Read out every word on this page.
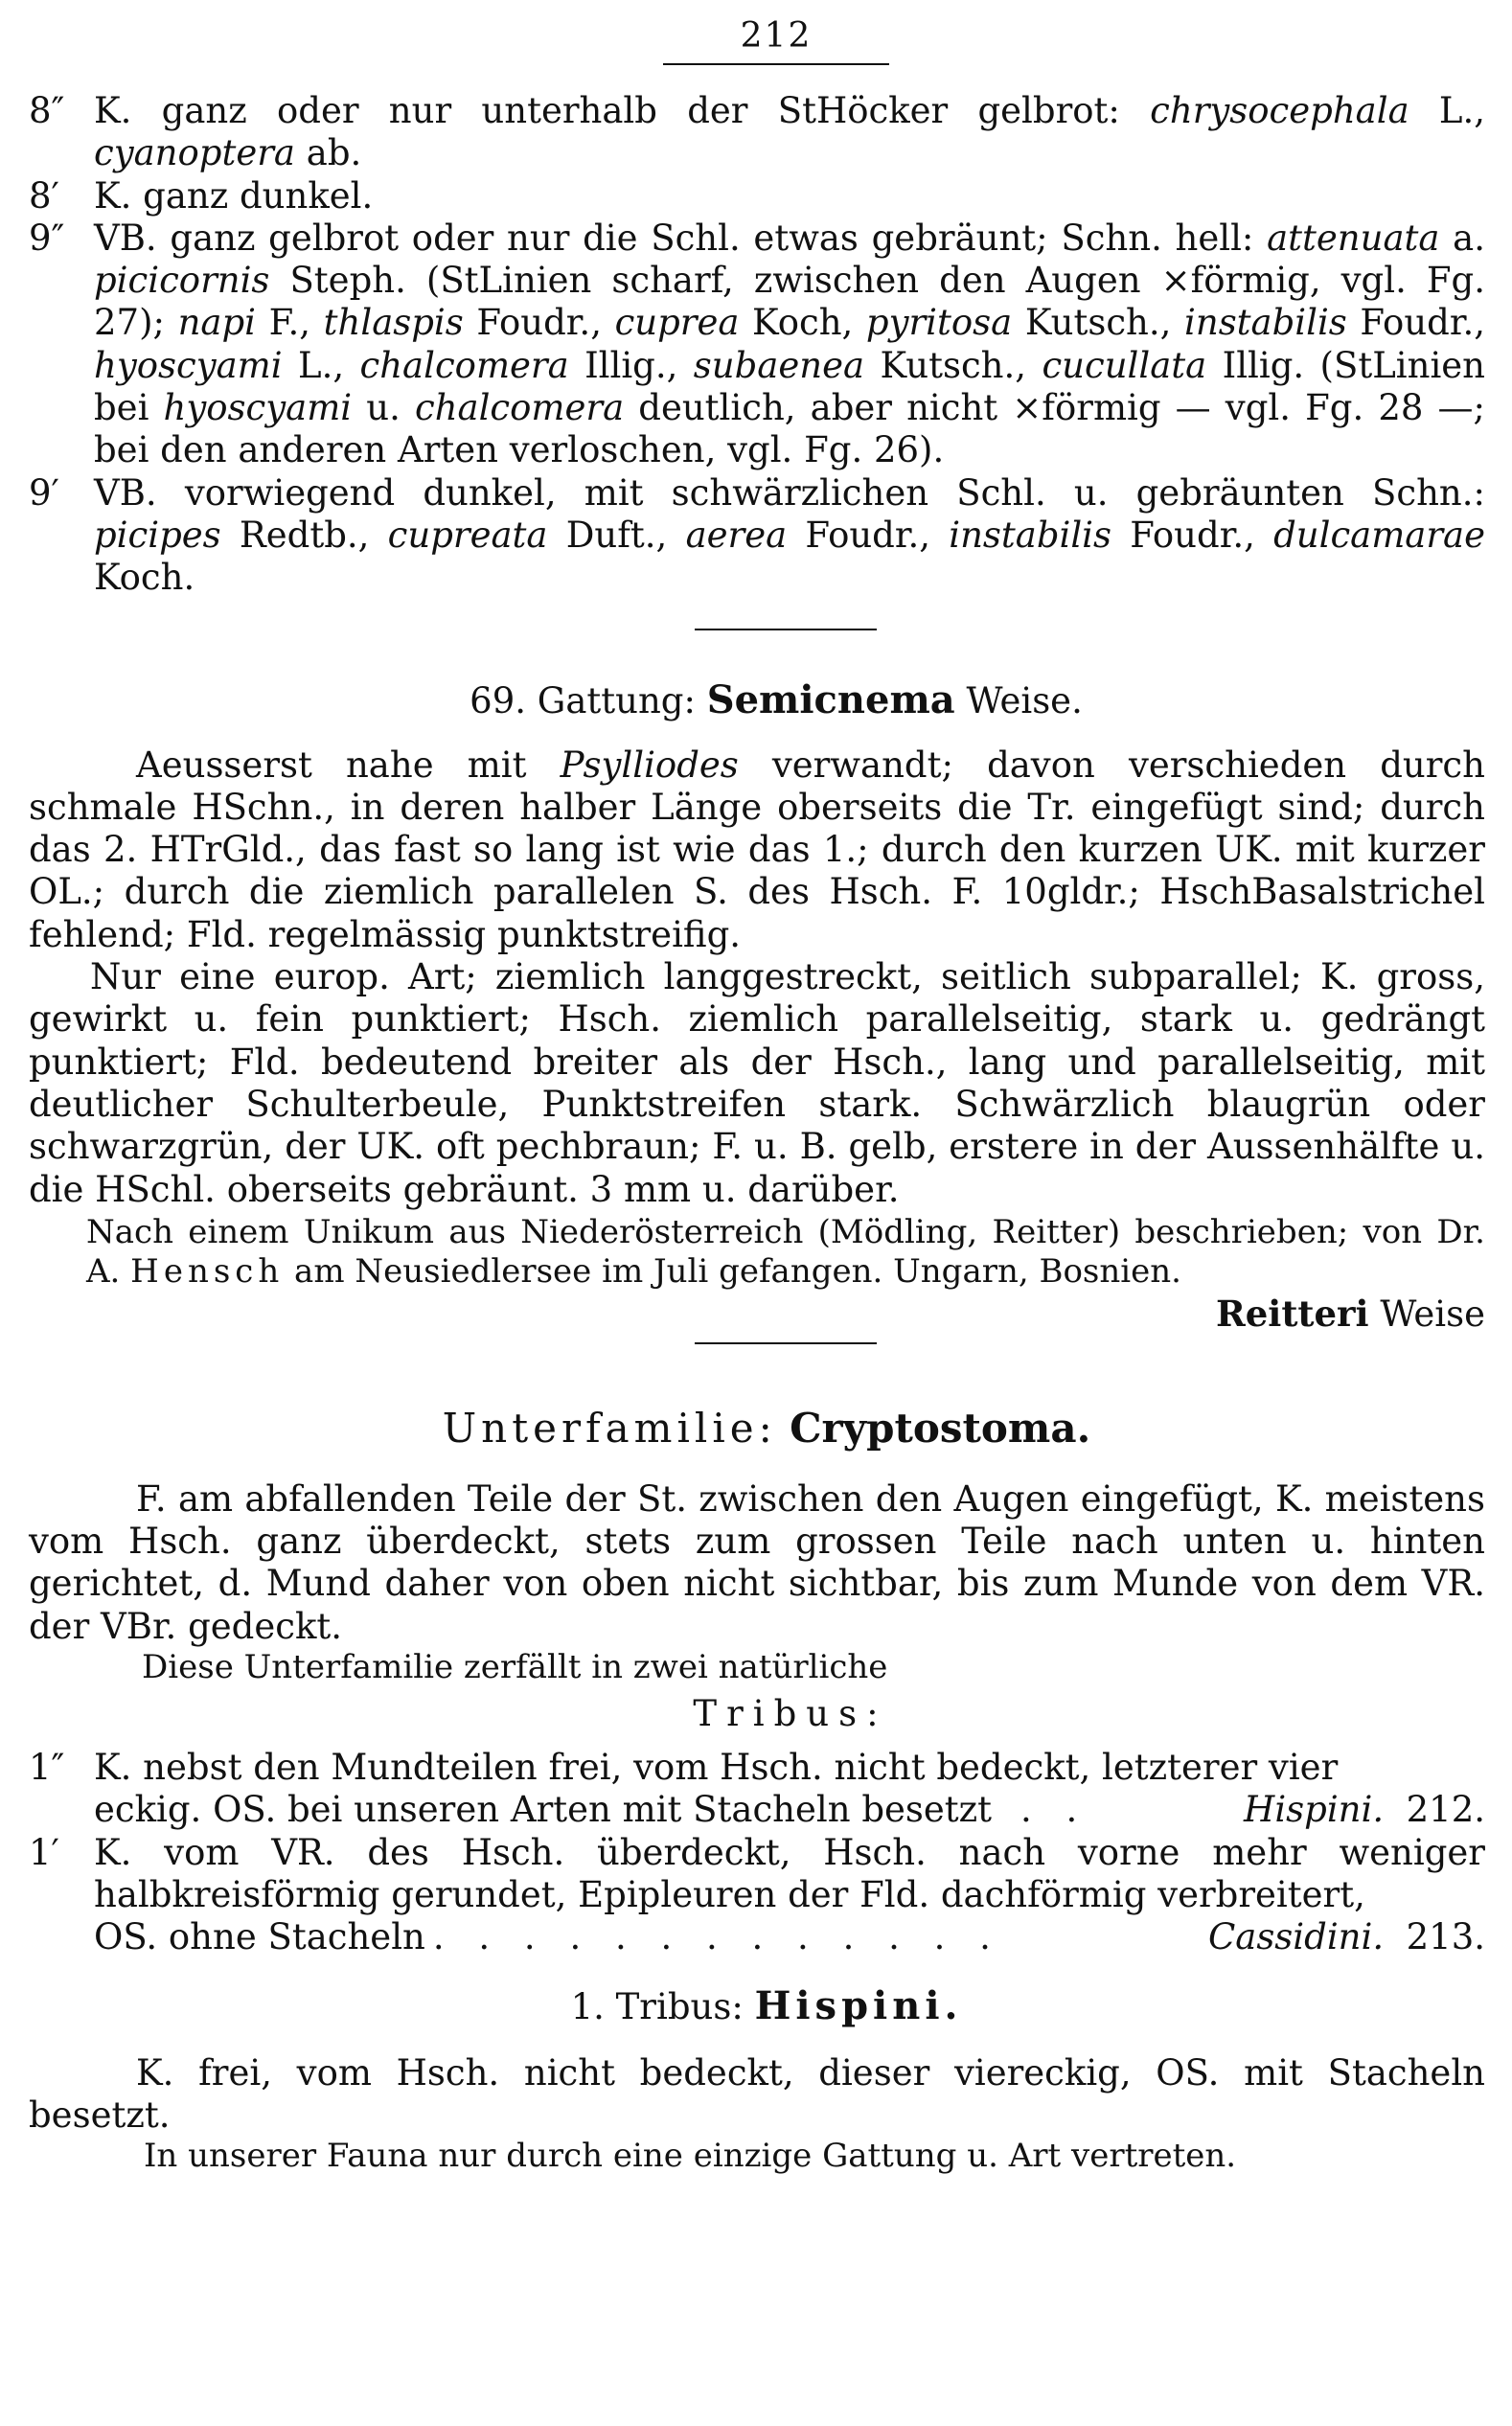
212

8″ K. ganz oder nur unterhalb der StHöcker gelbrot: chrysocephala L., cyanoptera ab.

8′ K. ganz dunkel.

9″ VB. ganz gelbrot oder nur die Schl. etwas gebräunt; Schn. hell: attenuata a. picicornis Steph. (StLinien scharf, zwischen den Augen ×förmig, vgl. Fg. 27); napi F., thlaspis Foudr., cuprea Koch, pyritosa Kutsch., instabilis Foudr., hyoscyami L., chalcomera Illig., subaenea Kutsch., cucullata Illig. (StLinien bei hyoscyami u. chalcomera deutlich, aber nicht ×förmig — vgl. Fg. 28 —; bei den anderen Arten verloschen, vgl. Fg. 26).

9′ VB. vorwiegend dunkel, mit schwärzlichen Schl. u. gebräunten Schn.: picipes Redtb., cupreata Duft., aerea Foudr., instabilis Foudr., dulcamarae Koch.

69. Gattung: Semicnema Weise.

Aeusserst nahe mit Psylliodes verwandt; davon verschieden durch schmale HSchn., in deren halber Länge oberseits die Tr. eingefügt sind; durch das 2. HTrGld., das fast so lang ist wie das 1.; durch den kurzen UK. mit kurzer OL.; durch die ziemlich parallelen S. des Hsch. F. 10gldr.; HschBasalstrichel fehlend; Fld. regelmässig punktstreifig.

Nur eine europ. Art; ziemlich langgestreckt, seitlich subparallel; K. gross, gewirkt u. fein punktiert; Hsch. ziemlich parallelseitig, stark u. gedrängt punktiert; Fld. bedeutend breiter als der Hsch., lang und parallelseitig, mit deutlicher Schulterbeule, Punktstreifen stark. Schwärzlich blaugrün oder schwarzgrün, der UK. oft pechbraun; F. u. B. gelb, erstere in der Aussenhälfte u. die HSchl. oberseits gebräunt. 3 mm u. darüber.

Nach einem Unikum aus Niederösterreich (Mödling, Reitter) beschrieben; von Dr. A. Hensch am Neusiedlersee im Juli gefangen. Ungarn, Bosnien.

Reitteri Weise

Unterfamilie: Cryptostoma.

F. am abfallenden Teile der St. zwischen den Augen eingefügt, K. meistens vom Hsch. ganz überdeckt, stets zum grossen Teile nach unten u. hinten gerichtet, d. Mund daher von oben nicht sichtbar, bis zum Munde von dem VR. der VBr. gedeckt.

Diese Unterfamilie zerfällt in zwei natürliche

Tribus:
1″ K. nebst den Mundteilen frei, vom Hsch. nicht bedeckt, letzterer vier
eckig. OS. bei unseren Arten mit Stacheln besetzt . .	Hispini. 212.
1′ K. vom VR. des Hsch. überdeckt, Hsch. nach vorne mehr weniger halbkreisförmig gerundet, Epipleuren der Fld. dachförmig verbreitert,
OS. ohne Stacheln . . . . . . . . . . . . .	Cassidini. 213.
1. Tribus: Hispini.

K. frei, vom Hsch. nicht bedeckt, dieser viereckig, OS. mit Stacheln besetzt.

In unserer Fauna nur durch eine einzige Gattung u. Art vertreten.
